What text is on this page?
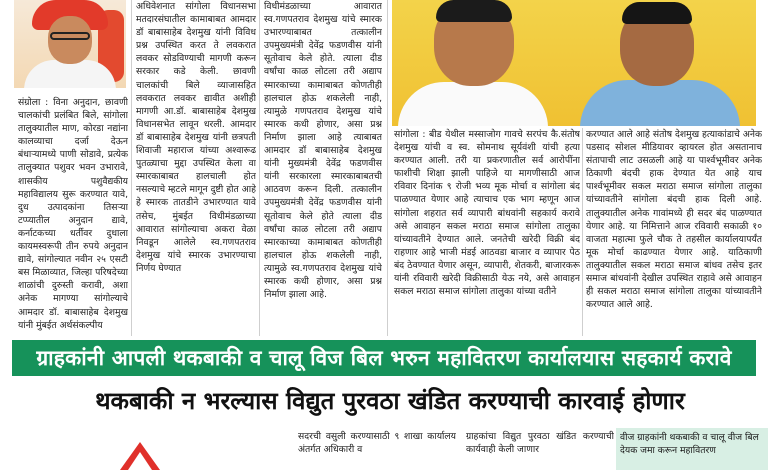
संग्रोला : विना अनुदान, छावणी चालकांची प्रलंबित बिले, सांगोला तालुक्यातील माण, कोरडा नद्यांना कालव्याचा दर्जा देऊन बंधाऱ्यामध्ये पाणी सोडावे, प्रत्येक तालुक्यात पशुवर भवन उभारावे, शासकीय पशुवैद्यकीय महाविद्यालय सुरू करण्यात यावे, दुध उत्पादकांना तिसऱ्या टप्प्यातील अनुदान द्यावे, कर्नाटकच्या धर्तीवर दुधाला कायमस्वरूपी तीन रुपये अनुदान द्यावे, सांगोल्यात नवीन २५ एसटी बस मिळाव्यात, जिल्हा परिषदेच्या शाळांची दुरुस्ती करावी, अशा अनेक मागण्या सांगोल्याचे आमदार डॉ. बाबासाहेब देशमुख यांनी मुंबईत अर्थसंकल्पीय
अधिवेशनात सांगोला विधानसभा मतदारसंघातील कामाबाबत आमदार डॉ बाबासाहेब देशमुख यांनी विविध प्रश्न उपस्थित करत ते लवकरात लवकर सोडविण्याची मागणी करून सरकार कडे केली. छावणी चालकांची बिले व्याजासहित लवकरात लवकर द्यावीत अशीही मागणी आ.डॉ. बाबासाहेब देशमुख विधानसभेत लावून धरली. आमदार डॉ बाबासाहेब देशमुख यांनी छत्रपती शिवाजी महाराज यांच्या अश्वारूढ पुतळ्याचा मुद्दा उपस्थित केला वा स्मारकाबाबत हालचाली होत नसल्याचे म्हटले मागून दुष्टी होत आहे हे स्मारक तातडीने उभारण्यात यावे तसेच, मुंबईत विधीमंडळाच्या आवारात सांगोल्याचा अकरा वेळा निवडून आलेले स्व.गणपतराव देशमुख यांचे स्मारक उभारण्याचा निर्णय घेण्यात
विधीमंडळाच्या आवारात स्व.गणपतराव देशमुख यांचे स्मारक उभारण्याबाबत तत्कालीन उपमुख्यमंत्री देवेंद्र फडणवीस यांनी सूतोवाच केले होते. त्याला दीड वर्षांचा काळ लोटला तरी अद्याप स्मारकाच्या कामाबाबत कोणतीही हालचाल होऊ शकलेली नाही, त्यामुळे गणपतराव देशमुख यांचे स्मारक कधी होणार, असा प्रश्न निर्माण झाला आहे त्याबाबत आमदार डॉ बाबासाहेब देशमुख यांनी मुख्यमंत्री देवेंद्र फडणवीस यांनी सरकारला स्मारकाबाबतची आठवण करून दिली. तत्कालीन उपमुख्यमंत्री देवेंद्र फडणवीस यांनी सूतोवाच केले होते त्याला दीड वर्षांचा काळ लोटला तरी अद्याप स्मारकाच्या कामाबाबत कोणतीही हालचाल होऊ शकलेली नाही, त्यामुळे स्व.गणपतराव देशमुख यांचे स्मारक कधी होणार, असा प्रश्न निर्माण झाला आहे.
सांगोला : बीड येथील मस्साजोग गावचे सरपंच कै.संतोष देशमुख यांची व स्व. सोमनाथ सूर्यवंशी यांची हत्या करण्यात आली. तरी या प्रकरणातील सर्व आरोपींना फाशीची शिक्षा झाली पाहिजे या मागणीसाठी आज रविवार दिनांक ९ रोजी भव्य मूक मोर्चा व सांगोला बंद पाळण्यात येणार आहे त्याचाच एक भाग म्हणून आज सांगोला शहरात सर्व व्यापारी बांधवांनी सहकार्य करावे असे आवाहन सकल मराठा समाज सांगोला तालुका यांच्यावतीने देण्यात आले. जनतेची खरेदी विक्री बंद राहणार आहे भाजी मंडई आठवडा बाजार व व्यापार पेठ बंद ठेवण्यात येणार असून, व्यापारी, शेतकरी, बाजारकरू यांनी रविवारी खरेदी विक्रीसाठी येऊ नये, असे आवाहन सकल मराठा समाज सांगोला तालुका यांच्या वतीने
करण्यात आले आहे संतोष देशमुख हत्याकांडाचे अनेक पडसाद सोशल मीडियावर व्हायरल होत असतानाच संतापाची लाट उसळली आहे या पार्श्वभूमीवर अनेक ठिकाणी बंदची हाक देण्यात येत आहे याच पार्श्वभूमीवर सकल मराठा समाज सांगोला तालुका यांच्यावतीने सांगोला बंदची हाक दिली आहे. तालुक्यातील अनेक गावांमध्ये ही सदर बंद पाळण्यात येणार आहे. या निमित्ताने आज रविवारी सकाळी १० वाजता महात्मा फुले चौक ते तहसील कार्यालयापर्यंत मूक मोर्चा काढण्यात येणार आहे. याठिकाणी तालुक्यातील सकल मराठा समाज बांधव तसेच इतर समाज बांधवांनी देखील उपस्थित राहावे असे आवाहन ही सकल मराठा समाज सांगोला तालुका यांच्यावतीने करण्यात आले आहे.
ग्राहकांनी आपली थकबाकी व चालू विज बिल भरुन महावितरण कार्यालयास सहकार्य करावे
थकबाकी न भरल्यास विद्युत पुरवठा खंडित करण्याची कारवाई होणार
सदरची वसुली करण्यासाठी ९ शाखा कार्यालय अंतर्गत अधिकारी व
ग्राहकांचा विद्युत पुरवठा खंडित करण्याची कार्यवाही केली जाणार
वीज ग्राहकांनी थकबाकी व चालू वीज बिल देयक जमा करून महावितरण
